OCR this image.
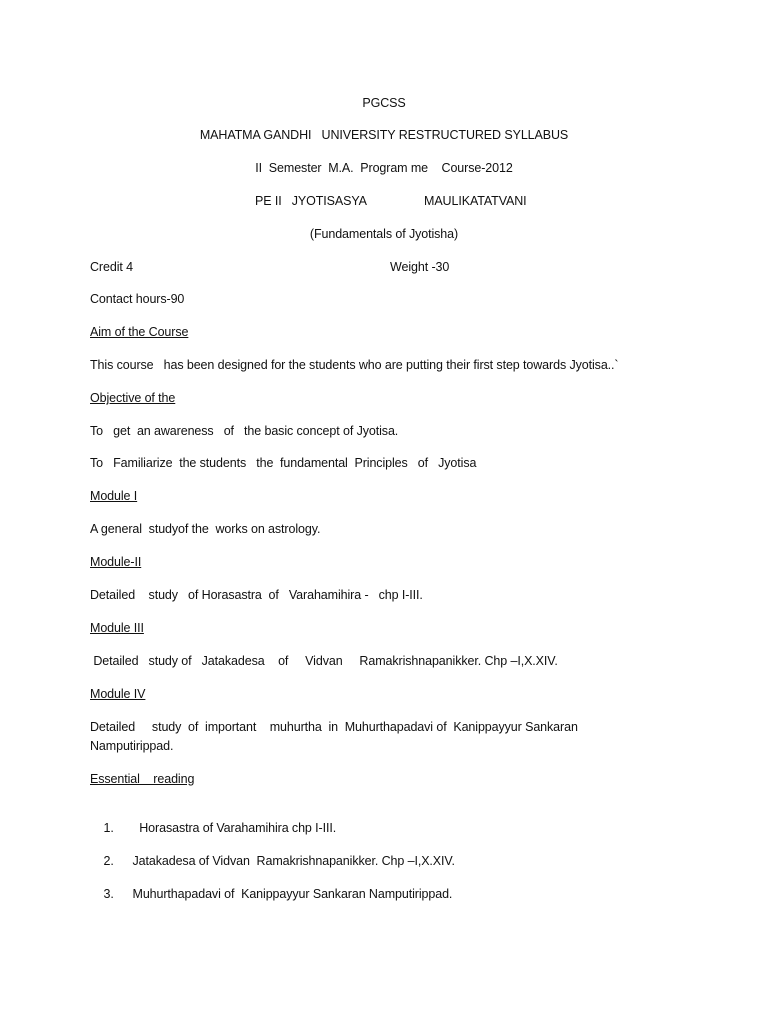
PGCSS
MAHATMA GANDHI   UNIVERSITY RESTRUCTURED SYLLABUS
II  Semester  M.A.  Program me    Course-2012
PE II   JYOTISASYA	MAULIKATATVANI
(Fundamentals of Jyotisha)
Credit 4	Weight -30
Contact hours-90
Aim of the Course
This course   has been designed for the students who are putting their first step towards Jyotisa..`
Objective of the
To   get  an awareness   of   the basic concept of Jyotisa.
To   Familiarize  the students   the  fundamental  Principles   of   Jyotisa
Module I
A general  studyof the  works on astrology.
Module-II
Detailed    study   of Horasastra  of   Varahamihira -   chp I-III.
Module III
Detailed   study of   Jatakadesa    of     Vidvan     Ramakrishnapanikker. Chp –I,X.XIV.
Module IV
Detailed     study  of  important    muhurtha  in  Muhurthapadavi of  Kanippayyur Sankaran
Namputirippad.
Essential    reading

1.  Horasastra of Varahamihira chp I-III.

2. Jatakadesa of Vidvan  Ramakrishnapanikker. Chp –I,X.XIV.

3. Muhurthapadavi of  Kanippayyur Sankaran Namputirippad.
